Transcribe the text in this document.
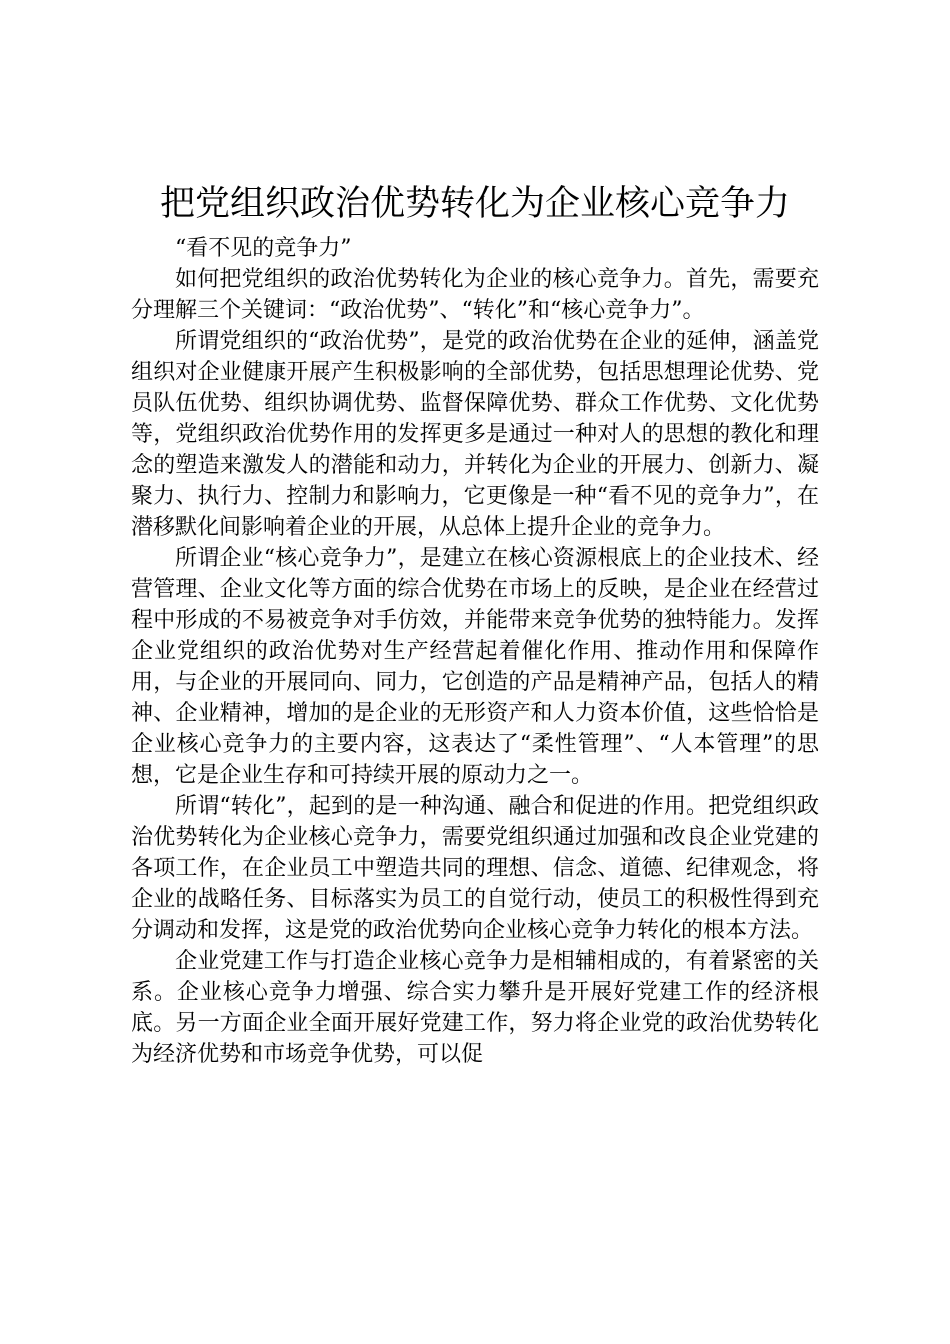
把党组织政治优势转化为企业核心竞争力

“看不见的竞争力”

如何把党组织的政治优势转化为企业的核心竞争力。首先，需要充分理解三个关键词：“政治优势”、“转化”和“核心竞争力”。

所谓党组织的“政治优势”，是党的政治优势在企业的延伸，涵盖党组织对企业健康开展产生积极影响的全部优势，包括思想理论优势、党员队伍优势、组织协调优势、监督保障优势、群众工作优势、文化优势等，党组织政治优势作用的发挥更多是通过一种对人的思想的教化和理念的塑造来激发人的潜能和动力，并转化为企业的开展力、创新力、凝聚力、执行力、控制力和影响力，它更像是一种“看不见的竞争力”，在潜移默化间影响着企业的开展，从总体上提升企业的竞争力。

所谓企业“核心竞争力”，是建立在核心资源根底上的企业技术、经营管理、企业文化等方面的综合优势在市场上的反映，是企业在经营过程中形成的不易被竞争对手仿效，并能带来竞争优势的独特能力。发挥企业党组织的政治优势对生产经营起着催化作用、推动作用和保障作用，与企业的开展同向、同力，它创造的产品是精神产品，包括人的精神、企业精神，增加的是企业的无形资产和人力资本价值，这些恰恰是企业核心竞争力的主要内容，这表达了“柔性管理”、“人本管理”的思想，它是企业生存和可持续开展的原动力之一。

所谓“转化”，起到的是一种沟通、融合和促进的作用。把党组织政治优势转化为企业核心竞争力，需要党组织通过加强和改良企业党建的各项工作，在企业员工中塑造共同的理想、信念、道德、纪律观念，将企业的战略任务、目标落实为员工的自觉行动，使员工的积极性得到充分调动和发挥，这是党的政治优势向企业核心竞争力转化的根本方法。

企业党建工作与打造企业核心竞争力是相辅相成的，有着紧密的关系。企业核心竞争力增强、综合实力攀升是开展好党建工作的经济根底。另一方面企业全面开展好党建工作，努力将企业党的政治优势转化为经济优势和市场竞争优势，可以促
